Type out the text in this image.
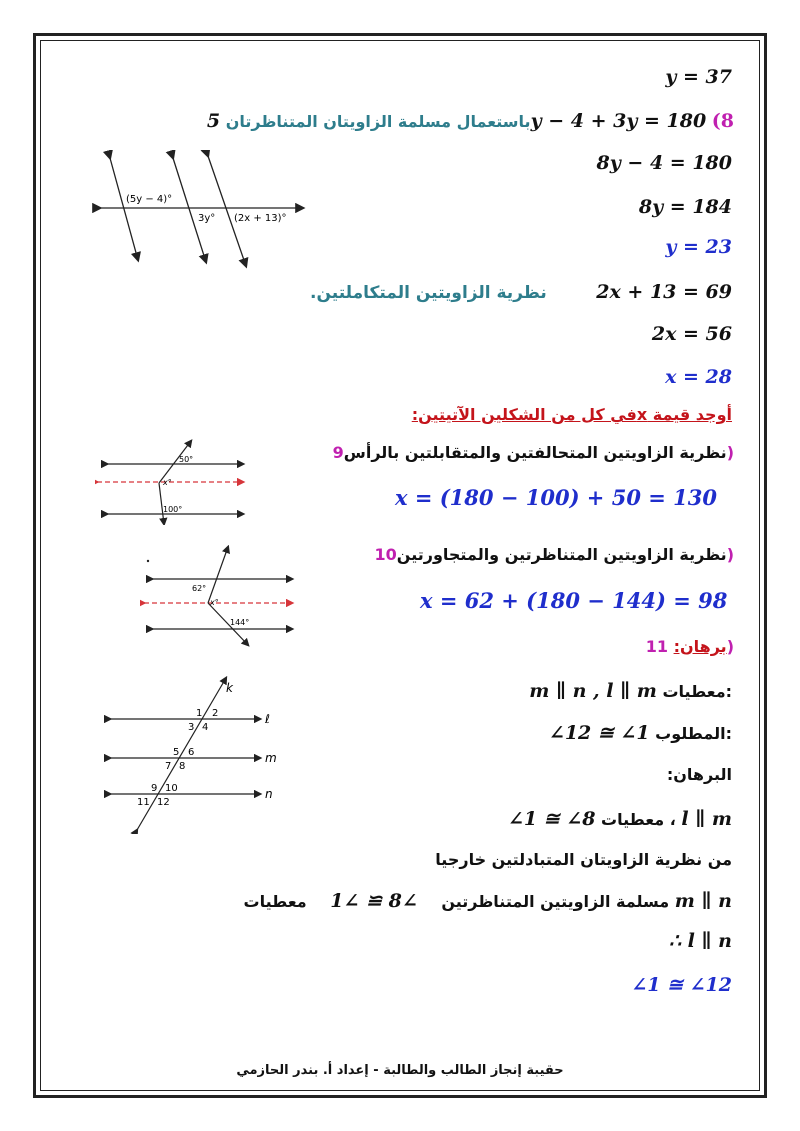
y = 37
باستعمال مسلمة الزاويتان المتناظرتان 5y − 4 + 3y = 180 (8
8y − 4 = 180
8y = 184
y = 23
2x + 13 = 69
نظرية الزاويتين المتكاملتين.
2x = 56
x = 28
أوجد قيمة xفي كل من الشكلين الآتيتين:
نظرية الزاويتين المتحالفتين والمتقابلتين بالرأس9)
x = (180 − 100) + 50 = 130
نظرية الزاويتين المتناظرتين والمتجاورتين10)
x = 62 + (180 − 144) = 98
برهان: 11)
m ∥ n , l ∥ m معطيات:
∠12 ≅ ∠1 المطلوب:
البرهان:
∠1 ≅ ∠8 معطيات ، l ∥ m
من نظرية الزاويتان المتبادلتين خارجيا
مسلمة الزاويتين المتناظرتين ∠8 ≅ ∠1 معطيات	m ∥ n
∴ l ∥ n
∠1 ≅ ∠12
(5y − 4)°
3y° (2x + 13)°
50°
x°
100°
62°
x°
144°
k
ℓ
m
n
1 2
3 4
5 6
7 8
9 10
11 12
حقيبة إنجاز الطالب والطالبة - إعداد أ. بندر الحازمي
